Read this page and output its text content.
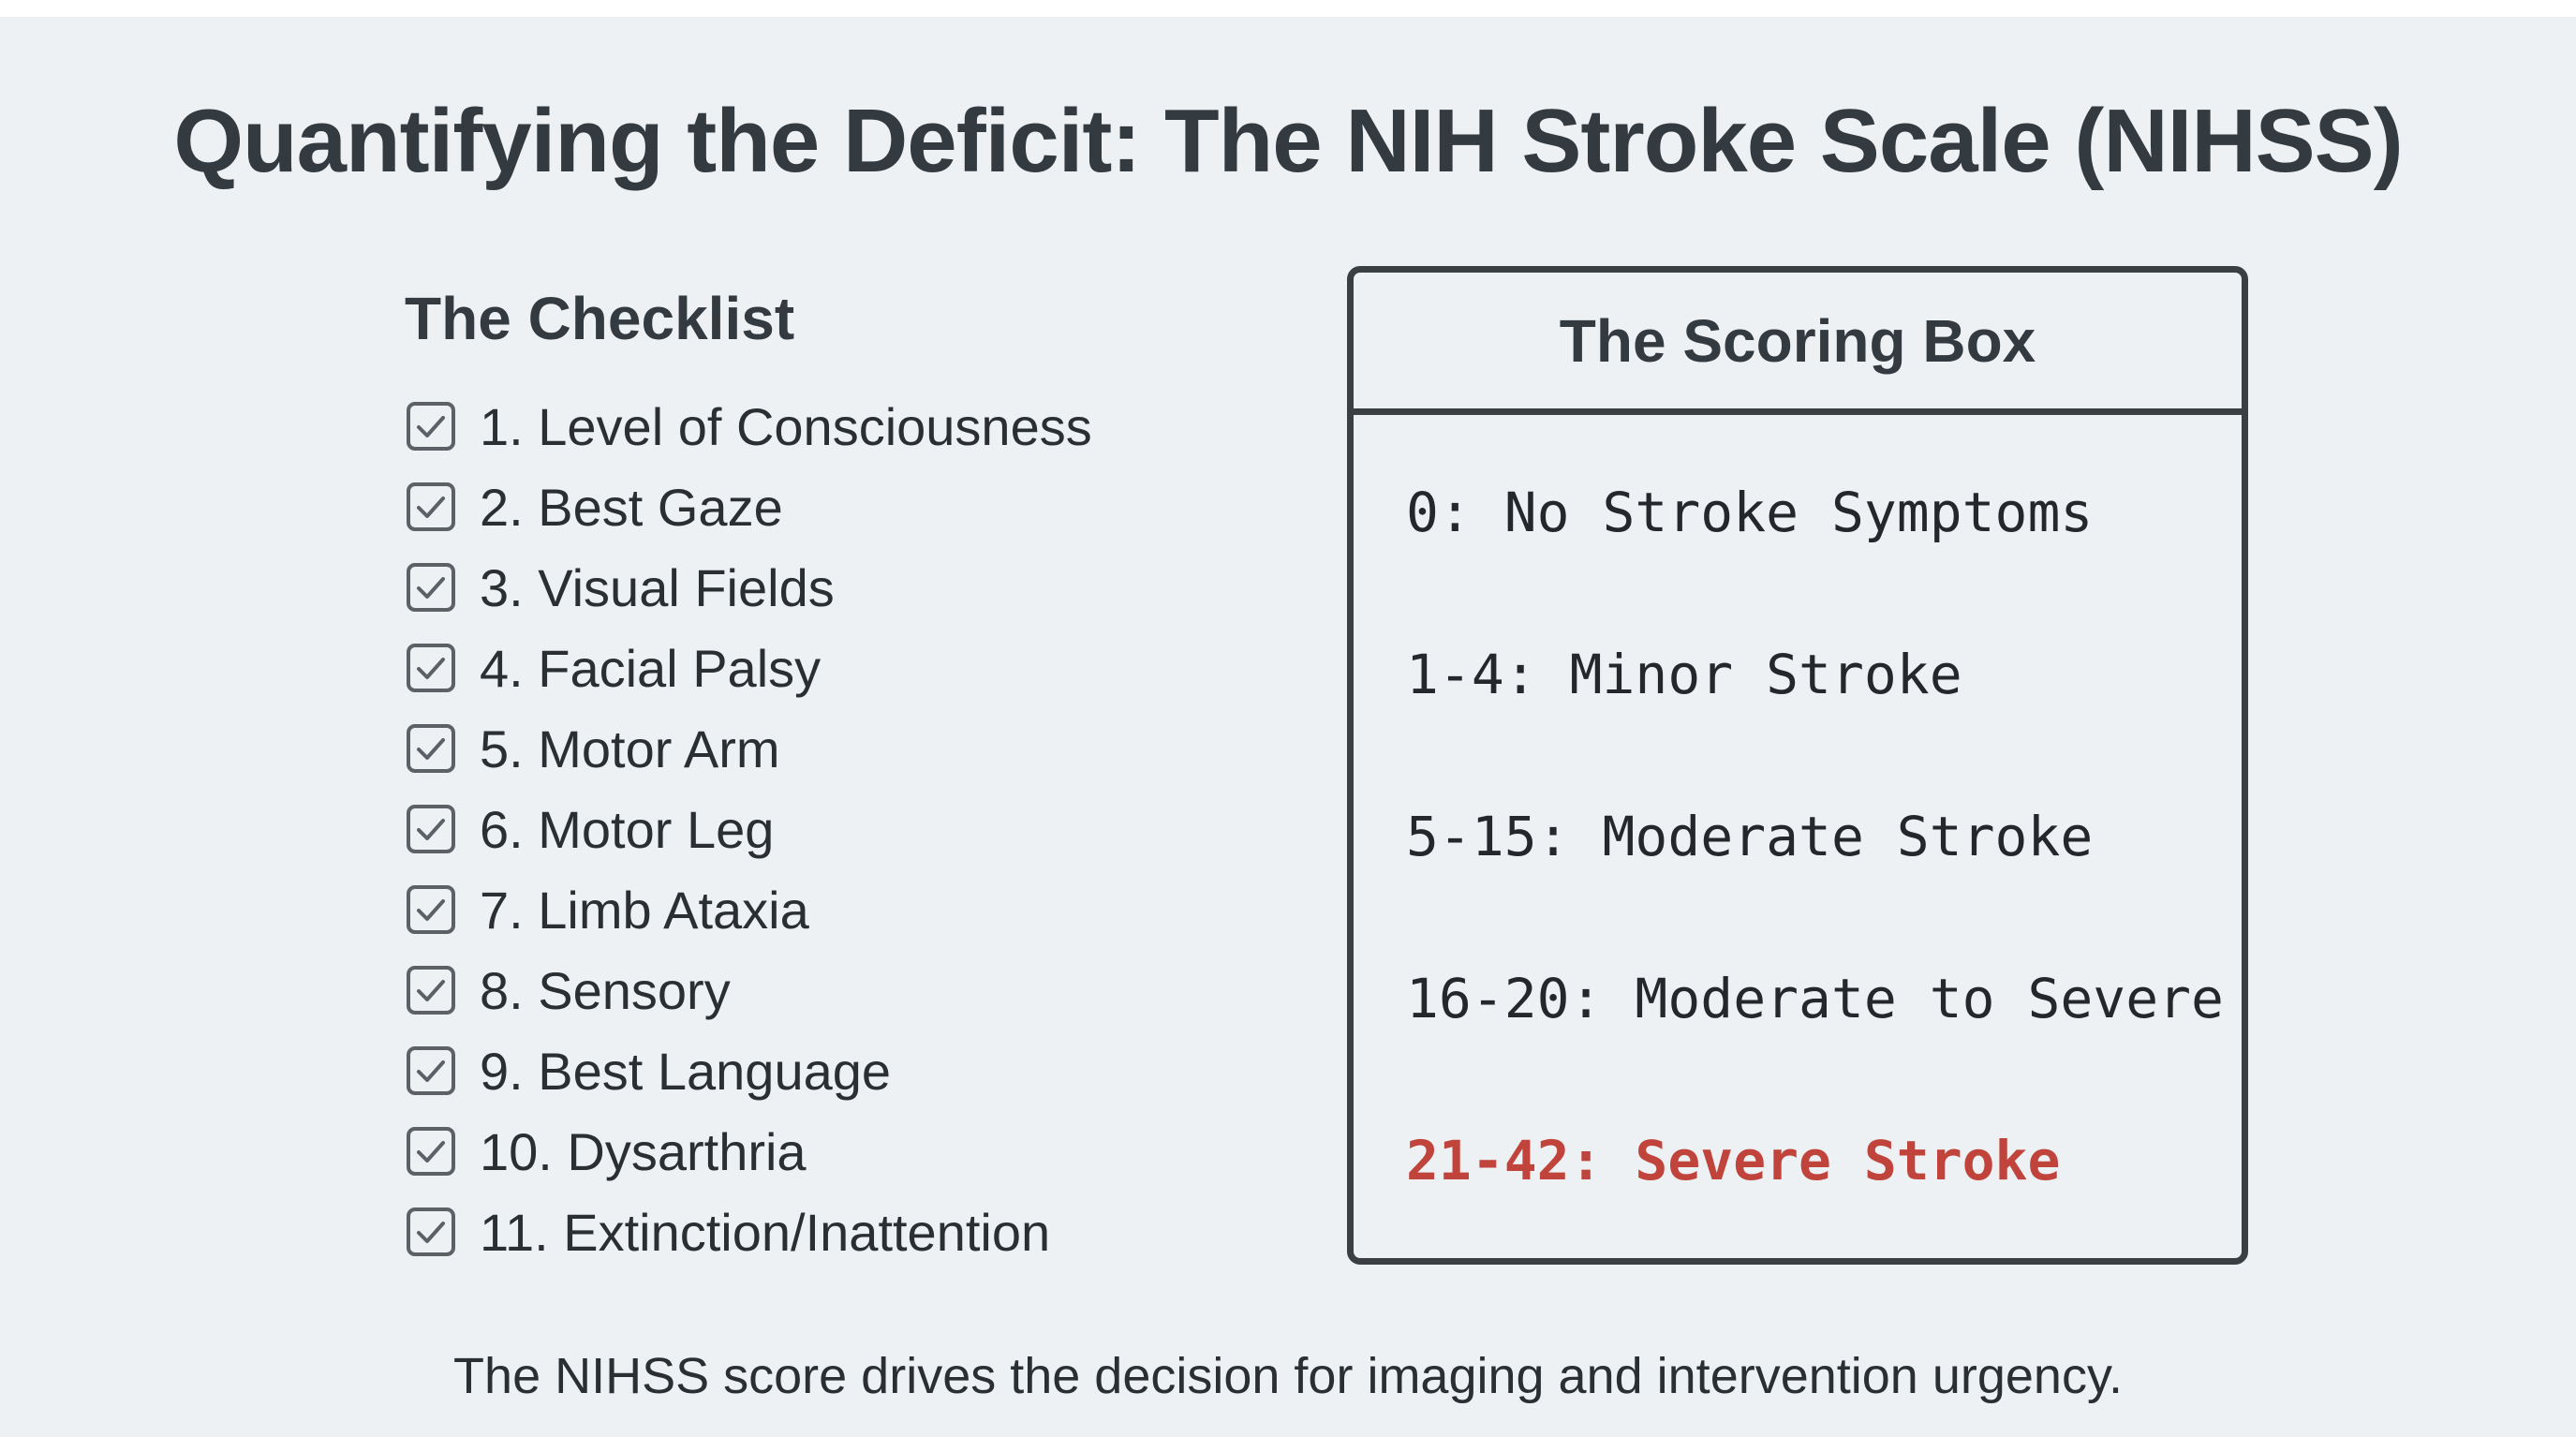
Quantifying the Deficit: The NIH Stroke Scale (NIHSS)
The Checklist
1. Level of Consciousness
2. Best Gaze
3. Visual Fields
4. Facial Palsy
5. Motor Arm
6. Motor Leg
7. Limb Ataxia
8. Sensory
9. Best Language
10. Dysarthria
11. Extinction/Inattention
The Scoring Box
0: No Stroke Symptoms
1-4: Minor Stroke
5-15: Moderate Stroke
16-20: Moderate to Severe
21-42: Severe Stroke

The NIHSS score drives the decision for imaging and intervention urgency.
